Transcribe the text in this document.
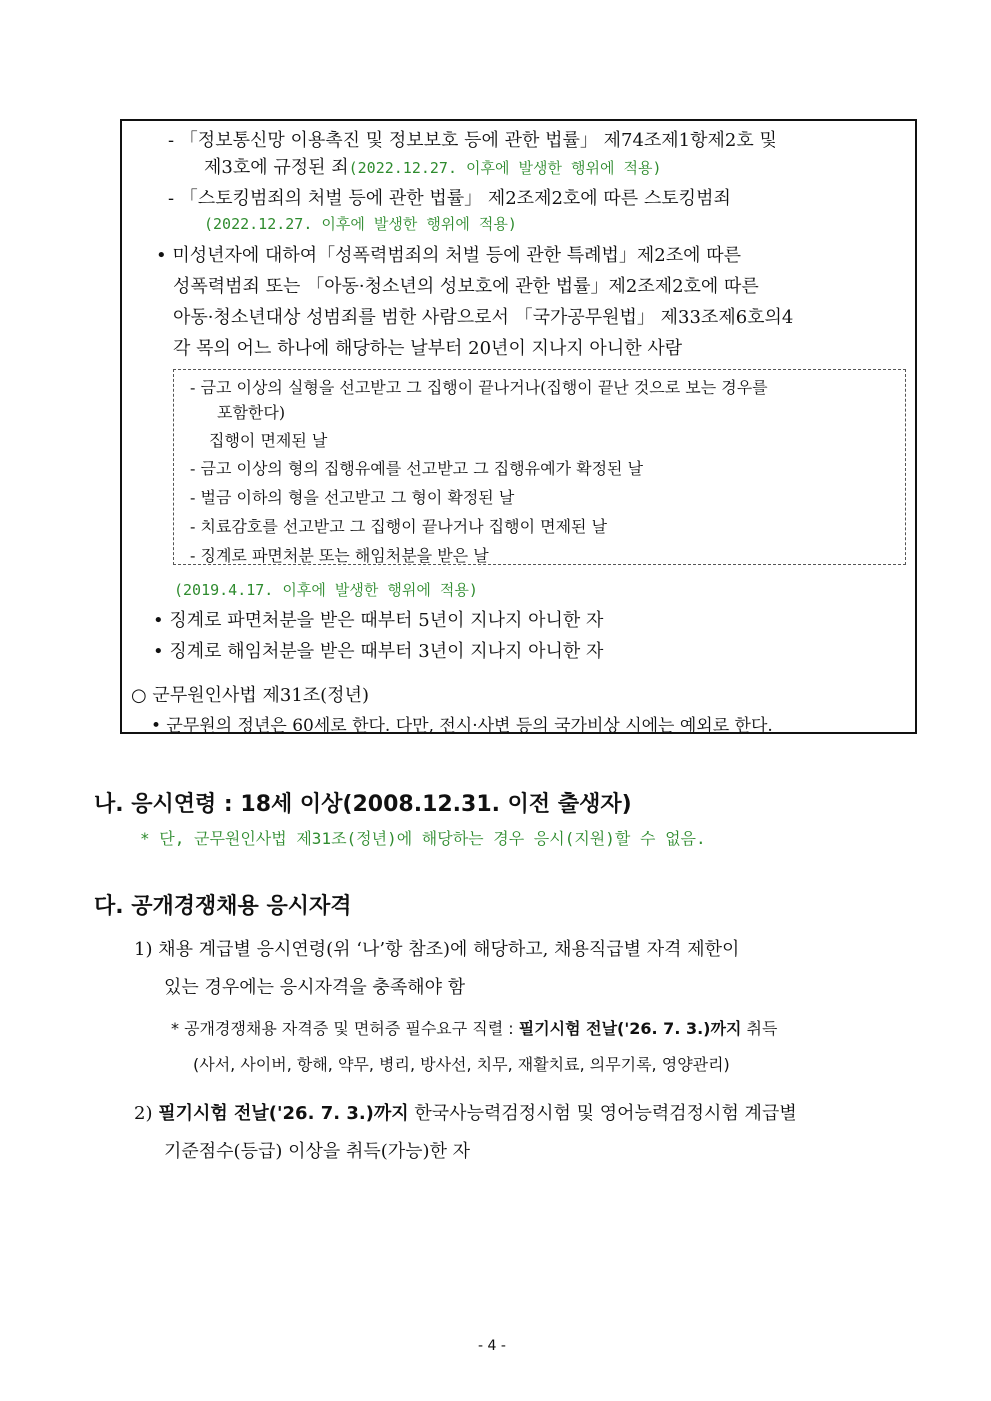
- 「정보통신망 이용촉진 및 정보보호 등에 관한 법률」 제74조제1항제2호 및
제3호에 규정된 죄(2022.12.27. 이후에 발생한 행위에 적용)
- 「스토킹범죄의 처벌 등에 관한 법률」 제2조제2호에 따른 스토킹범죄
(2022.12.27. 이후에 발생한 행위에 적용)
• 미성년자에 대하여「성폭력범죄의 처벌 등에 관한 특례법」제2조에 따른
성폭력범죄 또는 「아동·청소년의 성보호에 관한 법률」제2조제2호에 따른
아동·청소년대상 성범죄를 범한 사람으로서 「국가공무원법」 제33조제6호의4
각 목의 어느 하나에 해당하는 날부터 20년이 지나지 아니한 사람
- 금고 이상의 실형을 선고받고 그 집행이 끝나거나(집행이 끝난 것으로 보는 경우를
포함한다)
집행이 면제된 날
- 금고 이상의 형의 집행유예를 선고받고 그 집행유예가 확정된 날
- 벌금 이하의 형을 선고받고 그 형이 확정된 날
- 치료감호를 선고받고 그 집행이 끝나거나 집행이 면제된 날
- 징계로 파면처분 또는 해임처분을 받은 날
(2019.4.17. 이후에 발생한 행위에 적용)
• 징계로 파면처분을 받은 때부터 5년이 지나지 아니한 자
• 징계로 해임처분을 받은 때부터 3년이 지나지 아니한 자
○ 군무원인사법 제31조(정년)
• 군무원의 정년은 60세로 한다. 다만, 전시·사변 등의 국가비상 시에는 예외로 한다.
나. 응시연령 : 18세 이상(2008.12.31. 이전 출생자)
* 단, 군무원인사법 제31조(정년)에 해당하는 경우 응시(지원)할 수 없음.
다. 공개경쟁채용 응시자격
1) 채용 계급별 응시연령(위 ‘나’항 참조)에 해당하고, 채용직급별 자격 제한이
있는 경우에는 응시자격을 충족해야 함
* 공개경쟁채용 자격증 및 면허증 필수요구 직렬 : 필기시험 전날('26. 7. 3.)까지 취득
(사서, 사이버, 항해, 약무, 병리, 방사선, 치무, 재활치료, 의무기록, 영양관리)
2) 필기시험 전날('26. 7. 3.)까지 한국사능력검정시험 및 영어능력검정시험 계급별
기준점수(등급) 이상을 취득(가능)한 자
- 4 -
